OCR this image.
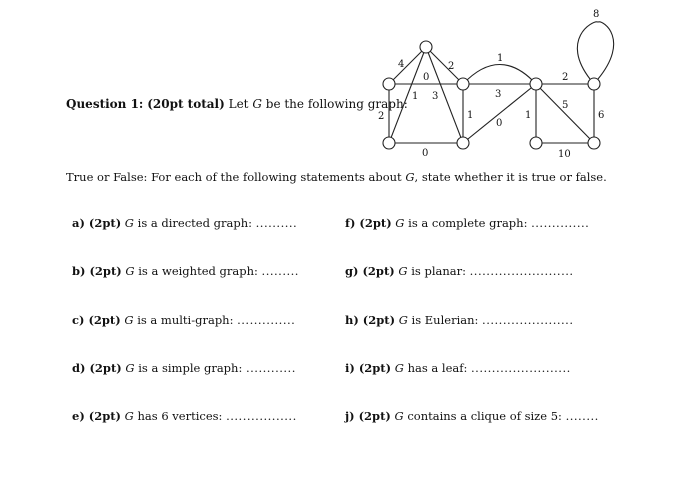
Question 1: (20pt total) Let G be the following graph:
4
2
0
2
1 3
0
1
1
3
0
1
2
5
6
10
8
True or False: For each of the following statements about G, state whether it is true or false.
a) (2pt) G is a directed graph: ..........
b) (2pt) G is a weighted graph: .........
c) (2pt) G is a multi-graph: ..............
d) (2pt) G is a simple graph: ............
e) (2pt) G has 6 vertices: .................
f) (2pt) G is a complete graph: ..............
g) (2pt) G is planar: .........................
h) (2pt) G is Eulerian: ......................
i) (2pt) G has a leaf: ........................
j) (2pt) G contains a clique of size 5: ........
